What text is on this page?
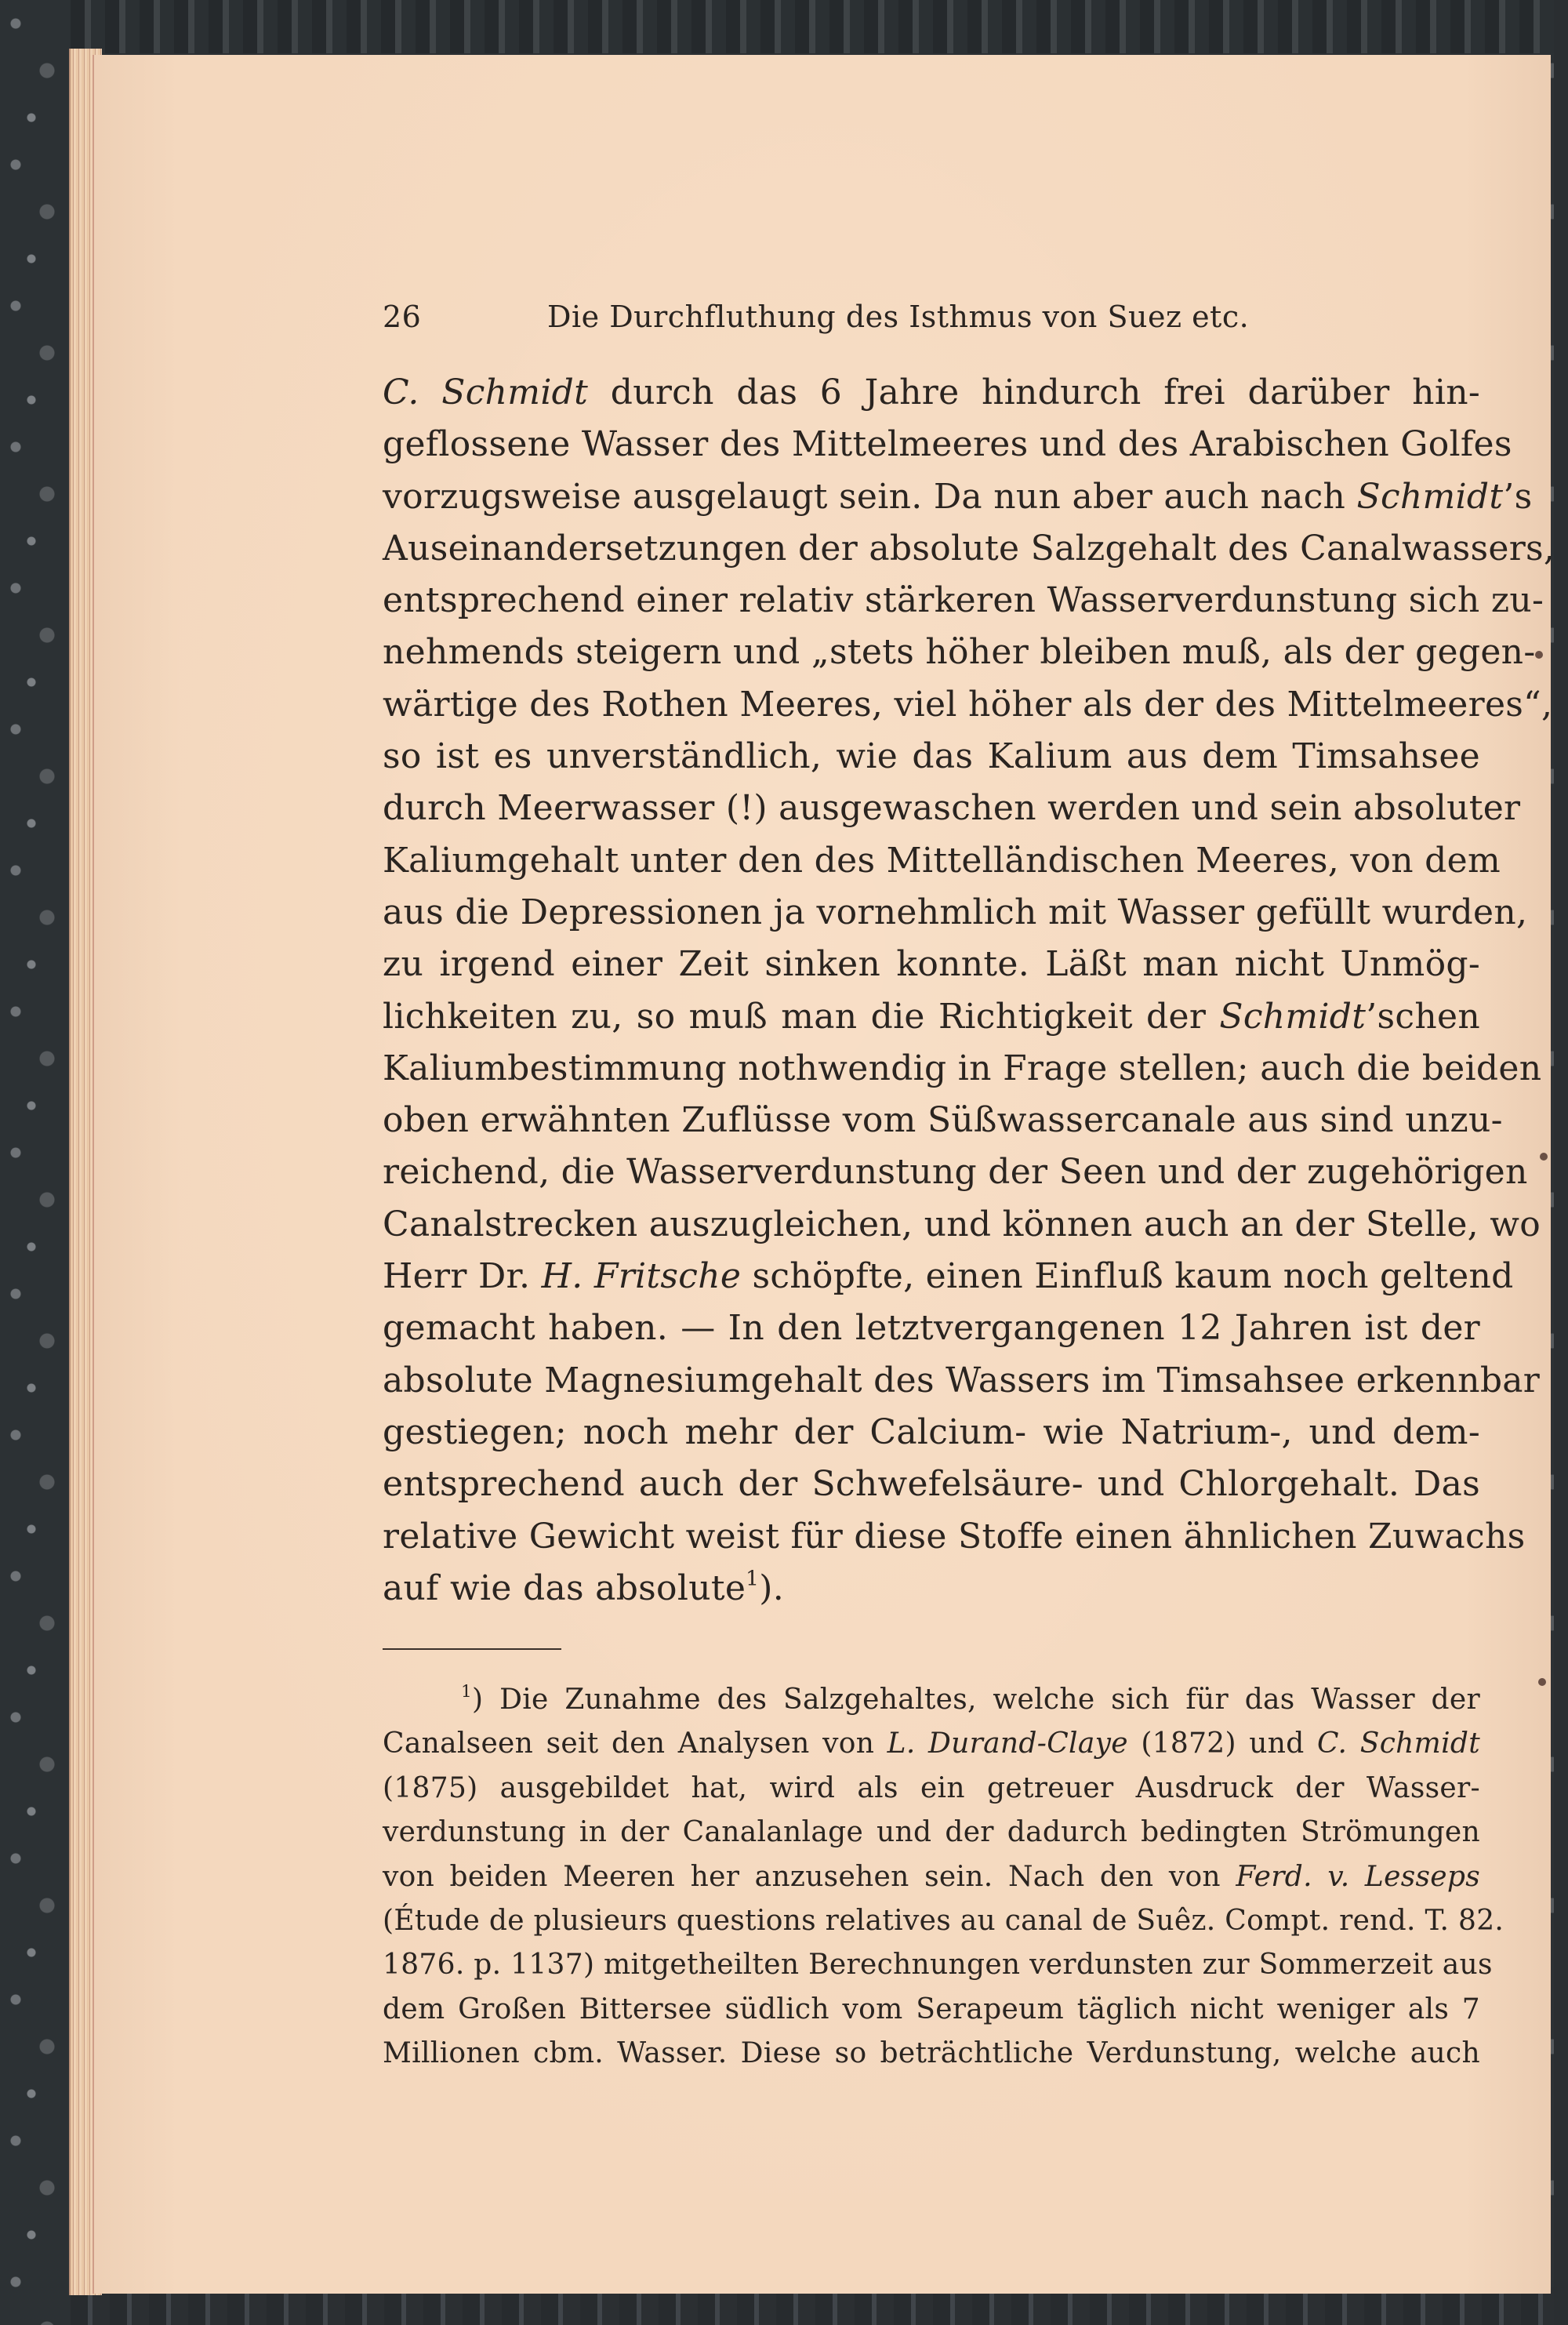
26	Die Durchfluthung des Isthmus von Suez etc.
C. Schmidt durch das 6 Jahre hindurch frei darüber hin-
geflossene Wasser des Mittelmeeres und des Arabischen Golfes
vorzugsweise ausgelaugt sein. Da nun aber auch nach Schmidt’s
Auseinandersetzungen der absolute Salzgehalt des Canalwassers,
entsprechend einer relativ stärkeren Wasserverdunstung sich zu-
nehmends steigern und „stets höher bleiben muß, als der gegen-
wärtige des Rothen Meeres, viel höher als der des Mittelmeeres“,
so ist es unverständlich, wie das Kalium aus dem Timsahsee
durch Meerwasser (!) ausgewaschen werden und sein absoluter
Kaliumgehalt unter den des Mittelländischen Meeres, von dem
aus die Depressionen ja vornehmlich mit Wasser gefüllt wurden,
zu irgend einer Zeit sinken konnte. Läßt man nicht Unmög-
lichkeiten zu, so muß man die Richtigkeit der Schmidt’schen
Kaliumbestimmung nothwendig in Frage stellen; auch die beiden
oben erwähnten Zuflüsse vom Süßwassercanale aus sind unzu-
reichend, die Wasserverdunstung der Seen und der zugehörigen
Canalstrecken auszugleichen, und können auch an der Stelle, wo
Herr Dr. H. Fritsche schöpfte, einen Einfluß kaum noch geltend
gemacht haben. — In den letztvergangenen 12 Jahren ist der
absolute Magnesiumgehalt des Wassers im Timsahsee erkennbar
gestiegen; noch mehr der Calcium- wie Natrium-, und dem-
entsprechend auch der Schwefelsäure- und Chlorgehalt. Das
relative Gewicht weist für diese Stoffe einen ähnlichen Zuwachs
auf wie das absolute$^1$).
$^1$) Die Zunahme des Salzgehaltes, welche sich für das Wasser der
Canalseen seit den Analysen von L. Durand-Claye (1872) und C. Schmidt
(1875) ausgebildet hat, wird als ein getreuer Ausdruck der Wasser-
verdunstung in der Canalanlage und der dadurch bedingten Strömungen
von beiden Meeren her anzusehen sein. Nach den von Ferd. v. Lesseps
(Étude de plusieurs questions relatives au canal de Suêz. Compt. rend. T. 82.
1876. p. 1137) mitgetheilten Berechnungen verdunsten zur Sommerzeit aus
dem Großen Bittersee südlich vom Serapeum täglich nicht weniger als 7
Millionen cbm. Wasser. Diese so beträchtliche Verdunstung, welche auch
